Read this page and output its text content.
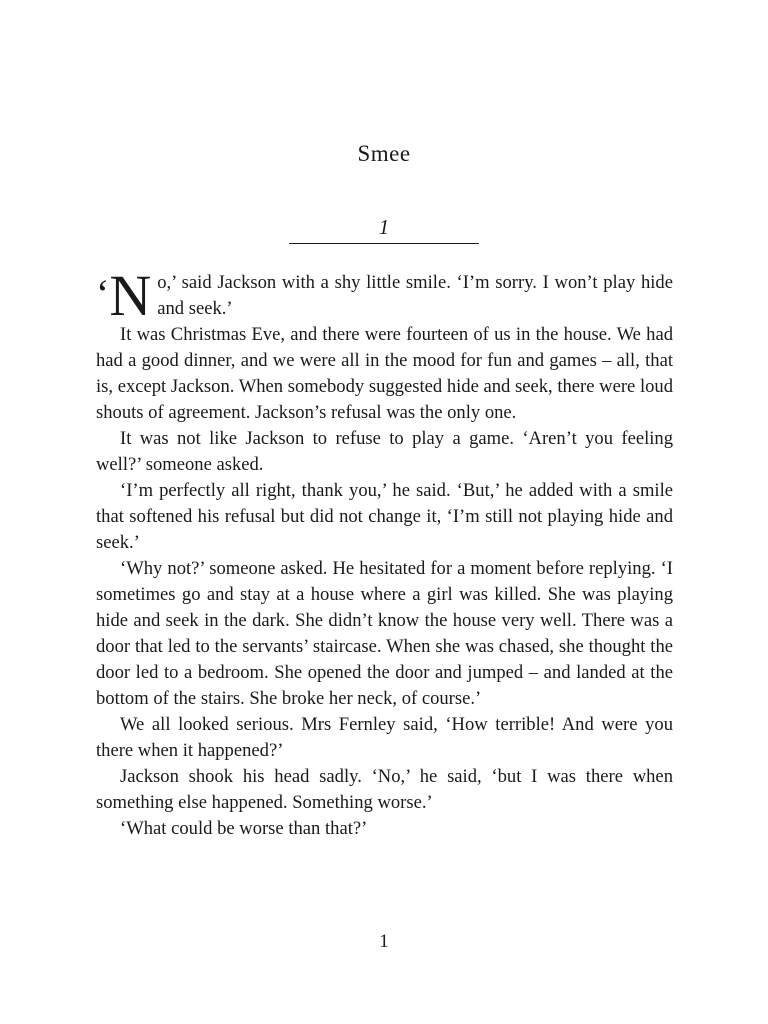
Smee
1

‘N o,’ said Jackson with a shy little smile. ‘I’m sorry. I won’t play hide and seek.’

It was Christmas Eve, and there were fourteen of us in the house. We had had a good dinner, and we were all in the mood for fun and games – all, that is, except Jackson. When somebody suggested hide and seek, there were loud shouts of agreement. Jackson’s refusal was the only one.

It was not like Jackson to refuse to play a game. ‘Aren’t you feeling well?’ someone asked.

‘I’m perfectly all right, thank you,’ he said. ‘But,’ he added with a smile that softened his refusal but did not change it, ‘I’m still not playing hide and seek.’

‘Why not?’ someone asked. He hesitated for a moment before replying. ‘I sometimes go and stay at a house where a girl was killed. She was playing hide and seek in the dark. She didn’t know the house very well. There was a door that led to the servants’ staircase. When she was chased, she thought the door led to a bedroom. She opened the door and jumped – and landed at the bottom of the stairs. She broke her neck, of course.’

We all looked serious. Mrs Fernley said, ‘How terrible! And were you there when it happened?’

Jackson shook his head sadly. ‘No,’ he said, ‘but I was there when something else happened. Something worse.’

‘What could be worse than that?’

1
